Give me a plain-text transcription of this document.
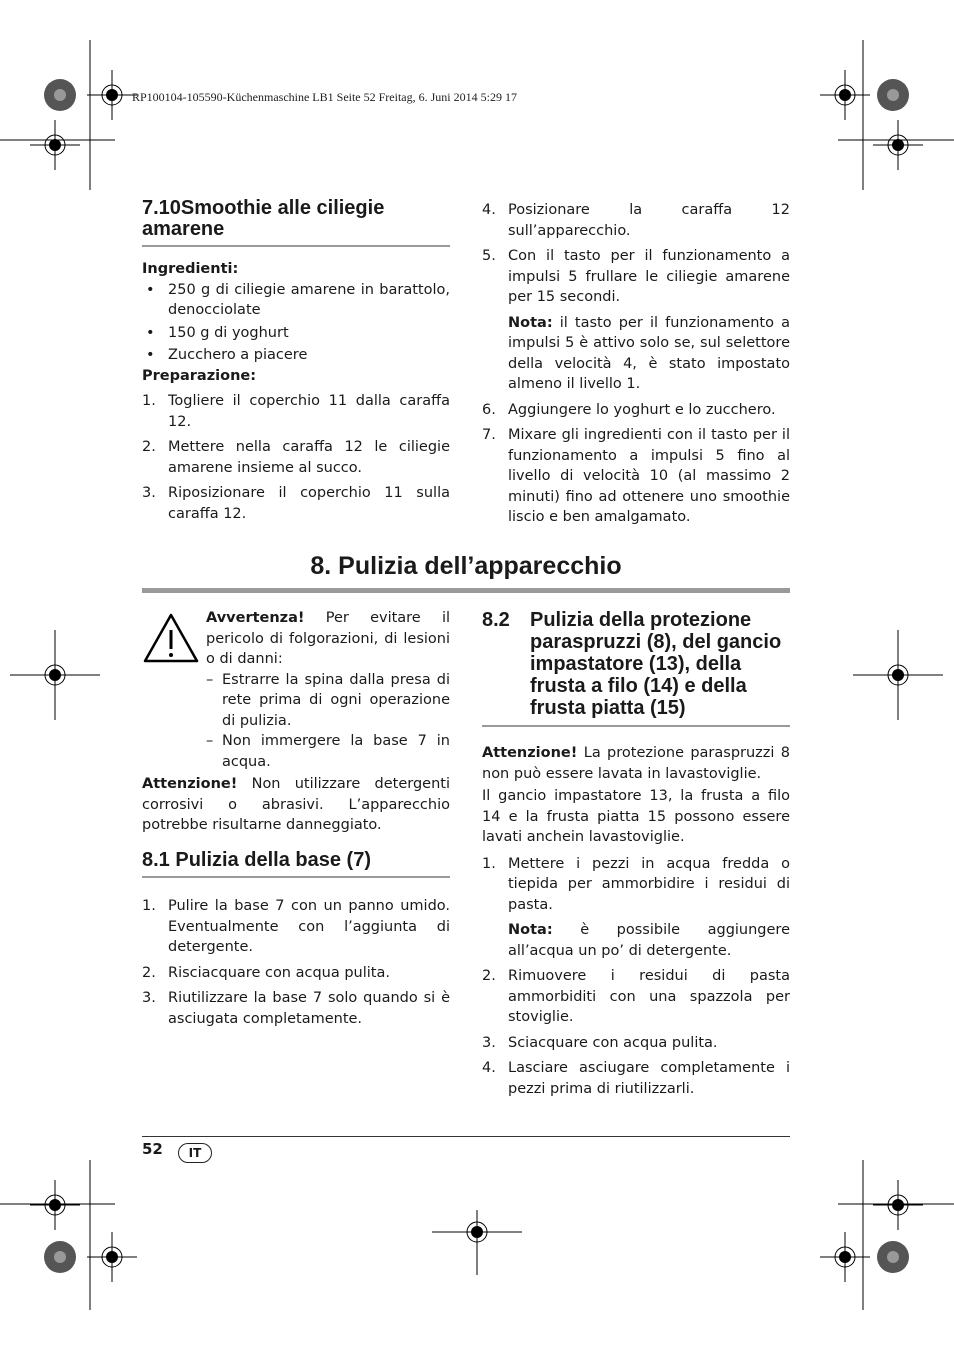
RP100104-105590-Küchenmaschine LB1 Seite 52 Freitag, 6. Juni 2014 5:29 17
7.10Smoothie alle ciliegie amarene
Ingredienti:
• 250 g di ciliegie amarene in barattolo, denocciolate
• 150 g di yoghurt
• Zucchero a piacere
Preparazione:
1. Togliere il coperchio 11 dalla caraffa 12.
2. Mettere nella caraffa 12 le ciliegie amarene insieme al succo.
3. Riposizionare il coperchio 11 sulla caraffa 12.
4. Posizionare la caraffa 12 sull’apparecchio.
5. Con il tasto per il funzionamento a impulsi 5 frullare le ciliegie amarene per 15 secondi.
Nota: il tasto per il funzionamento a impulsi 5 è attivo solo se, sul selettore della velocità 4, è stato impostato almeno il livello 1.
6. Aggiungere lo yoghurt e lo zucchero.
7. Mixare gli ingredienti con il tasto per il funzionamento a impulsi 5 fino al livello di velocità 10 (al massimo 2 minuti) fino ad ottenere uno smoothie liscio e ben amalgamato.
8. Pulizia dell’apparecchio
Avvertenza! Per evitare il pericolo di folgorazioni, di lesioni o di danni:
– Estrarre la spina dalla presa di rete prima di ogni operazione di pulizia.
– Non immergere la base 7 in acqua.
Attenzione! Non utilizzare detergenti corrosivi o abrasivi. L’apparecchio potrebbe risultarne danneggiato.
8.1 Pulizia della base (7)
1. Pulire la base 7 con un panno umido. Eventualmente con l’aggiunta di detergente.
2. Risciacquare con acqua pulita.
3. Riutilizzare la base 7 solo quando si è asciugata completamente.
8.2 Pulizia della protezione paraspruzzi (8), del gancio impastatore (13), della frusta a filo (14) e della frusta piatta (15)
Attenzione! La protezione paraspruzzi 8 non può essere lavata in lavastoviglie.
Il gancio impastatore 13, la frusta a filo 14 e la frusta piatta 15 possono essere lavati anchein lavastoviglie.
1. Mettere i pezzi in acqua fredda o tiepida per ammorbidire i residui di pasta.
Nota: è possibile aggiungere all’acqua un po’ di detergente.
2. Rimuovere i residui di pasta ammorbiditi con una spazzola per stoviglie.
3. Sciacquare con acqua pulita.
4. Lasciare asciugare completamente i pezzi prima di riutilizzarli.
52	IT
